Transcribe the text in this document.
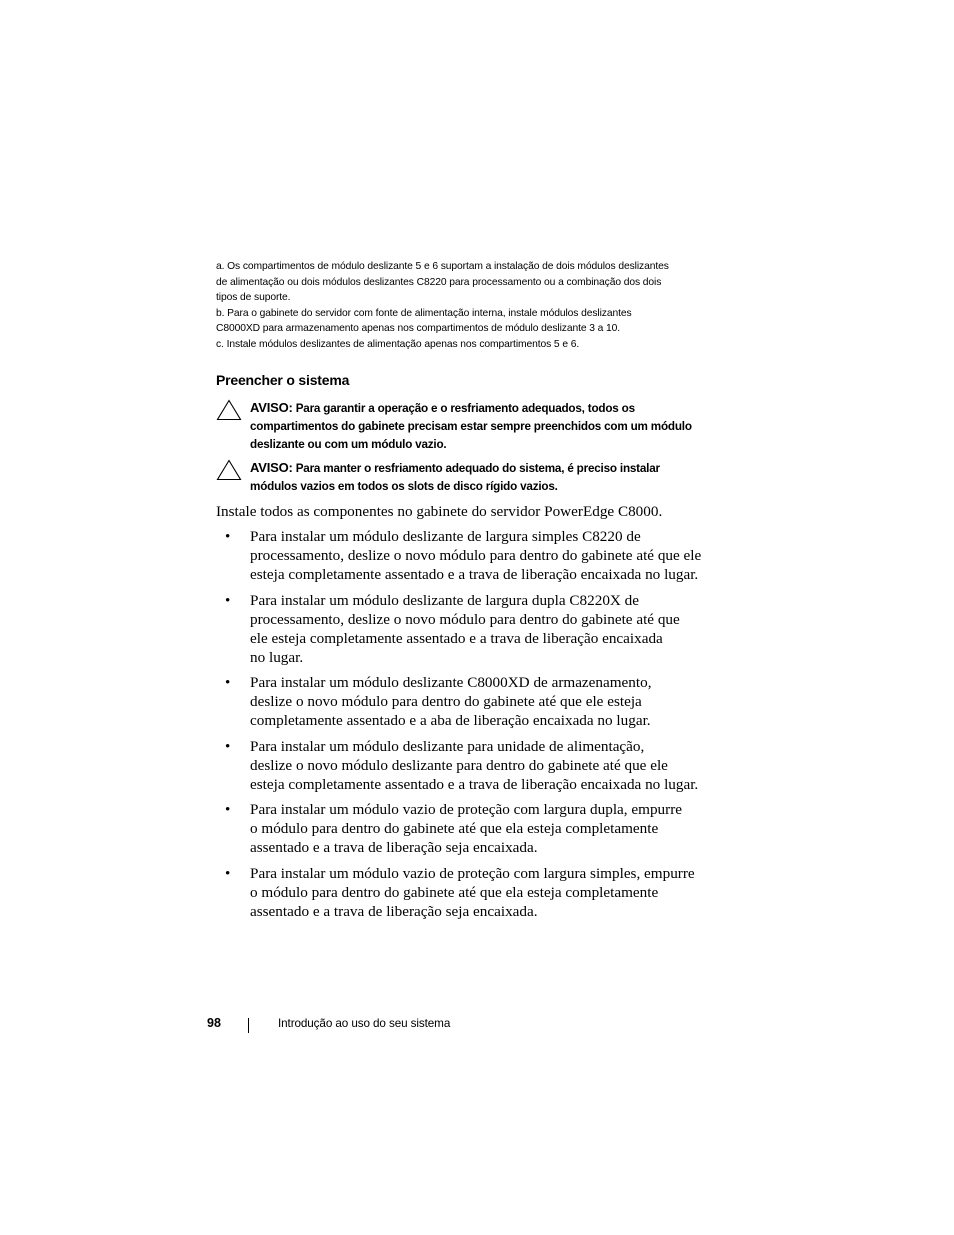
a. Os compartimentos de módulo deslizante 5 e 6 suportam a instalação de dois módulos deslizantes
de alimentação ou dois módulos deslizantes C8220 para processamento ou a combinação dos dois
tipos de suporte.

b. Para o gabinete do servidor com fonte de alimentação interna, instale módulos deslizantes
C8000XD para armazenamento apenas nos compartimentos de módulo deslizante 3 a 10.

c. Instale módulos deslizantes de alimentação apenas nos compartimentos 5 e 6.

Preencher o sistema

AVISO: Para garantir a operação e o resfriamento adequados, todos os
compartimentos do gabinete precisam estar sempre preenchidos com um módulo
deslizante ou com um módulo vazio.

AVISO: Para manter o resfriamento adequado do sistema, é preciso instalar
módulos vazios em todos os slots de disco rígido vazios.

Instale todos as componentes no gabinete do servidor PowerEdge C8000.

• Para instalar um módulo deslizante de largura simples C8220 de
processamento, deslize o novo módulo para dentro do gabinete até que ele
esteja completamente assentado e a trava de liberação encaixada no lugar.
• Para instalar um módulo deslizante de largura dupla C8220X de
processamento, deslize o novo módulo para dentro do gabinete até que
ele esteja completamente assentado e a trava de liberação encaixada
no lugar.
• Para instalar um módulo deslizante C8000XD de armazenamento,
deslize o novo módulo para dentro do gabinete até que ele esteja
completamente assentado e a aba de liberação encaixada no lugar.
• Para instalar um módulo deslizante para unidade de alimentação,
deslize o novo módulo deslizante para dentro do gabinete até que ele
esteja completamente assentado e a trava de liberação encaixada no lugar.
• Para instalar um módulo vazio de proteção com largura dupla, empurre
o módulo para dentro do gabinete até que ela esteja completamente
assentado e a trava de liberação seja encaixada.
• Para instalar um módulo vazio de proteção com largura simples, empurre
o módulo para dentro do gabinete até que ela esteja completamente
assentado e a trava de liberação seja encaixada.
98	Introdução ao uso do seu sistema
